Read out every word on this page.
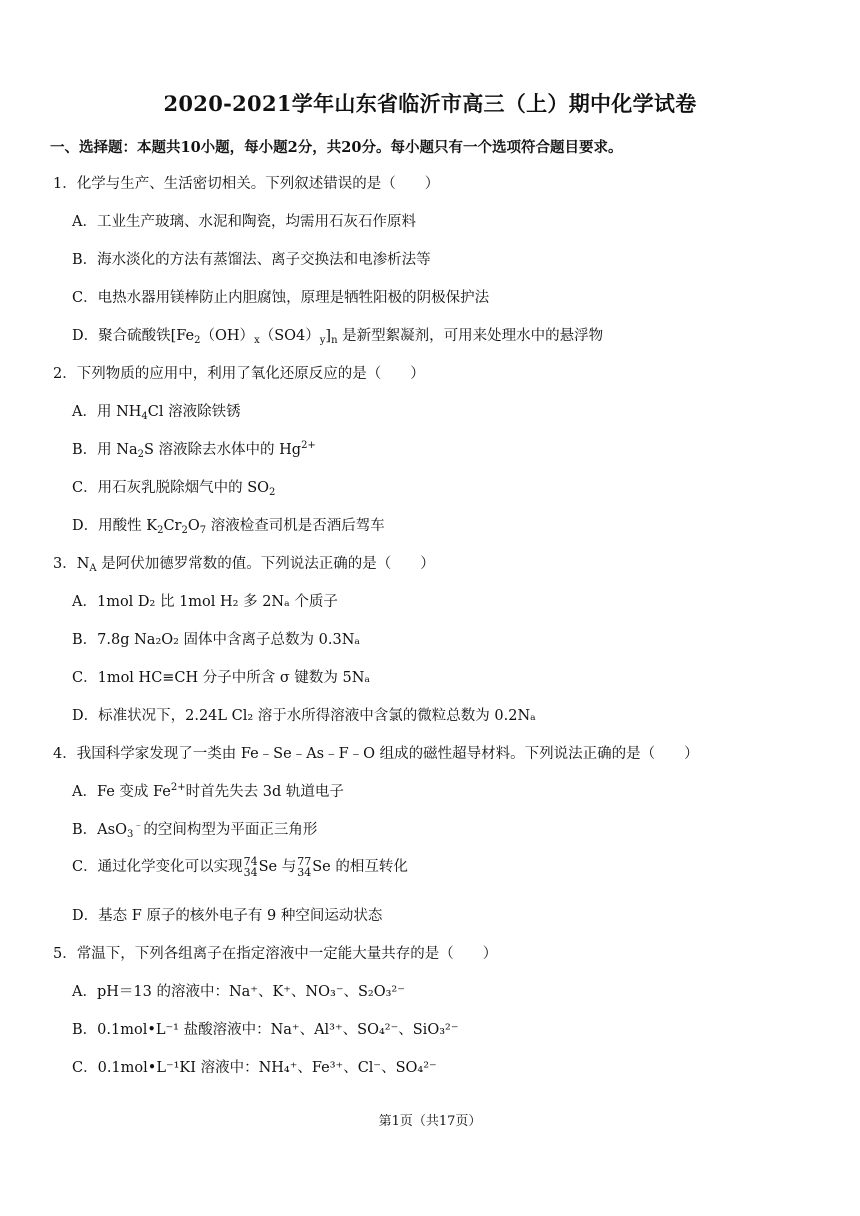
2020-2021学年山东省临沂市高三（上）期中化学试卷
一、选择题：本题共10小题，每小题2分，共20分。每小题只有一个选项符合题目要求。
1．化学与生产、生活密切相关。下列叙述错误的是（　　）
A．工业生产玻璃、水泥和陶瓷，均需用石灰石作原料
B．海水淡化的方法有蒸馏法、离子交换法和电渗析法等
C．电热水器用镁棒防止内胆腐蚀，原理是牺牲阳极的阴极保护法
D．聚合硫酸铁$[Fe_2(OH)_x(SO4)_y]_n$ 是新型絮凝剂，可用来处理水中的悬浮物
2．下列物质的应用中，利用了氧化还原反应的是（　　）
A．用 $NH_4Cl$ 溶液除铁锈
B．用 $Na_2S$ 溶液除去水体中的 $Hg^{2+}$
C．用石灰乳脱除烟气中的 $SO_2$
D．用酸性 $K_2Cr_2O_7$ 溶液检查司机是否酒后驾车
3．$N_A$ 是阿伏加德罗常数的值。下列说法正确的是（　　）
A．1mol D₂ 比 1mol H₂ 多 2Nₐ 个质子
B．7.8g Na₂O₂ 固体中含离子总数为 0.3Nₐ
C．1mol HC≡CH 分子中所含 σ 键数为 5Nₐ
D．标准状况下，2.24L Cl₂ 溶于水所得溶液中含氯的微粒总数为 0.2Nₐ
4．我国科学家发现了一类由 Fe﹣Se﹣As﹣F﹣O 组成的磁性超导材料。下列说法正确的是（　　）
A．Fe 变成 $Fe^{2+}$时首先失去 3d 轨道电子
B．AsO$_3$﹣的空间构型为平面正三角形
C．通过化学变化可以实现 74
34 Se 与 77
34 Se 的相互转化
D．基态 F 原子的核外电子有 9 种空间运动状态
5．常温下，下列各组离子在指定溶液中一定能大量共存的是（　　）
A．pH＝13 的溶液中：Na⁺、K⁺、NO₃⁻、S₂O₃²⁻
B．0.1mol•L⁻¹ 盐酸溶液中：Na⁺、Al³⁺、SO₄²⁻、SiO₃²⁻
C．0.1mol•L⁻¹KI 溶液中：NH₄⁺、Fe³⁺、Cl⁻、SO₄²⁻
第1页（共17页）
